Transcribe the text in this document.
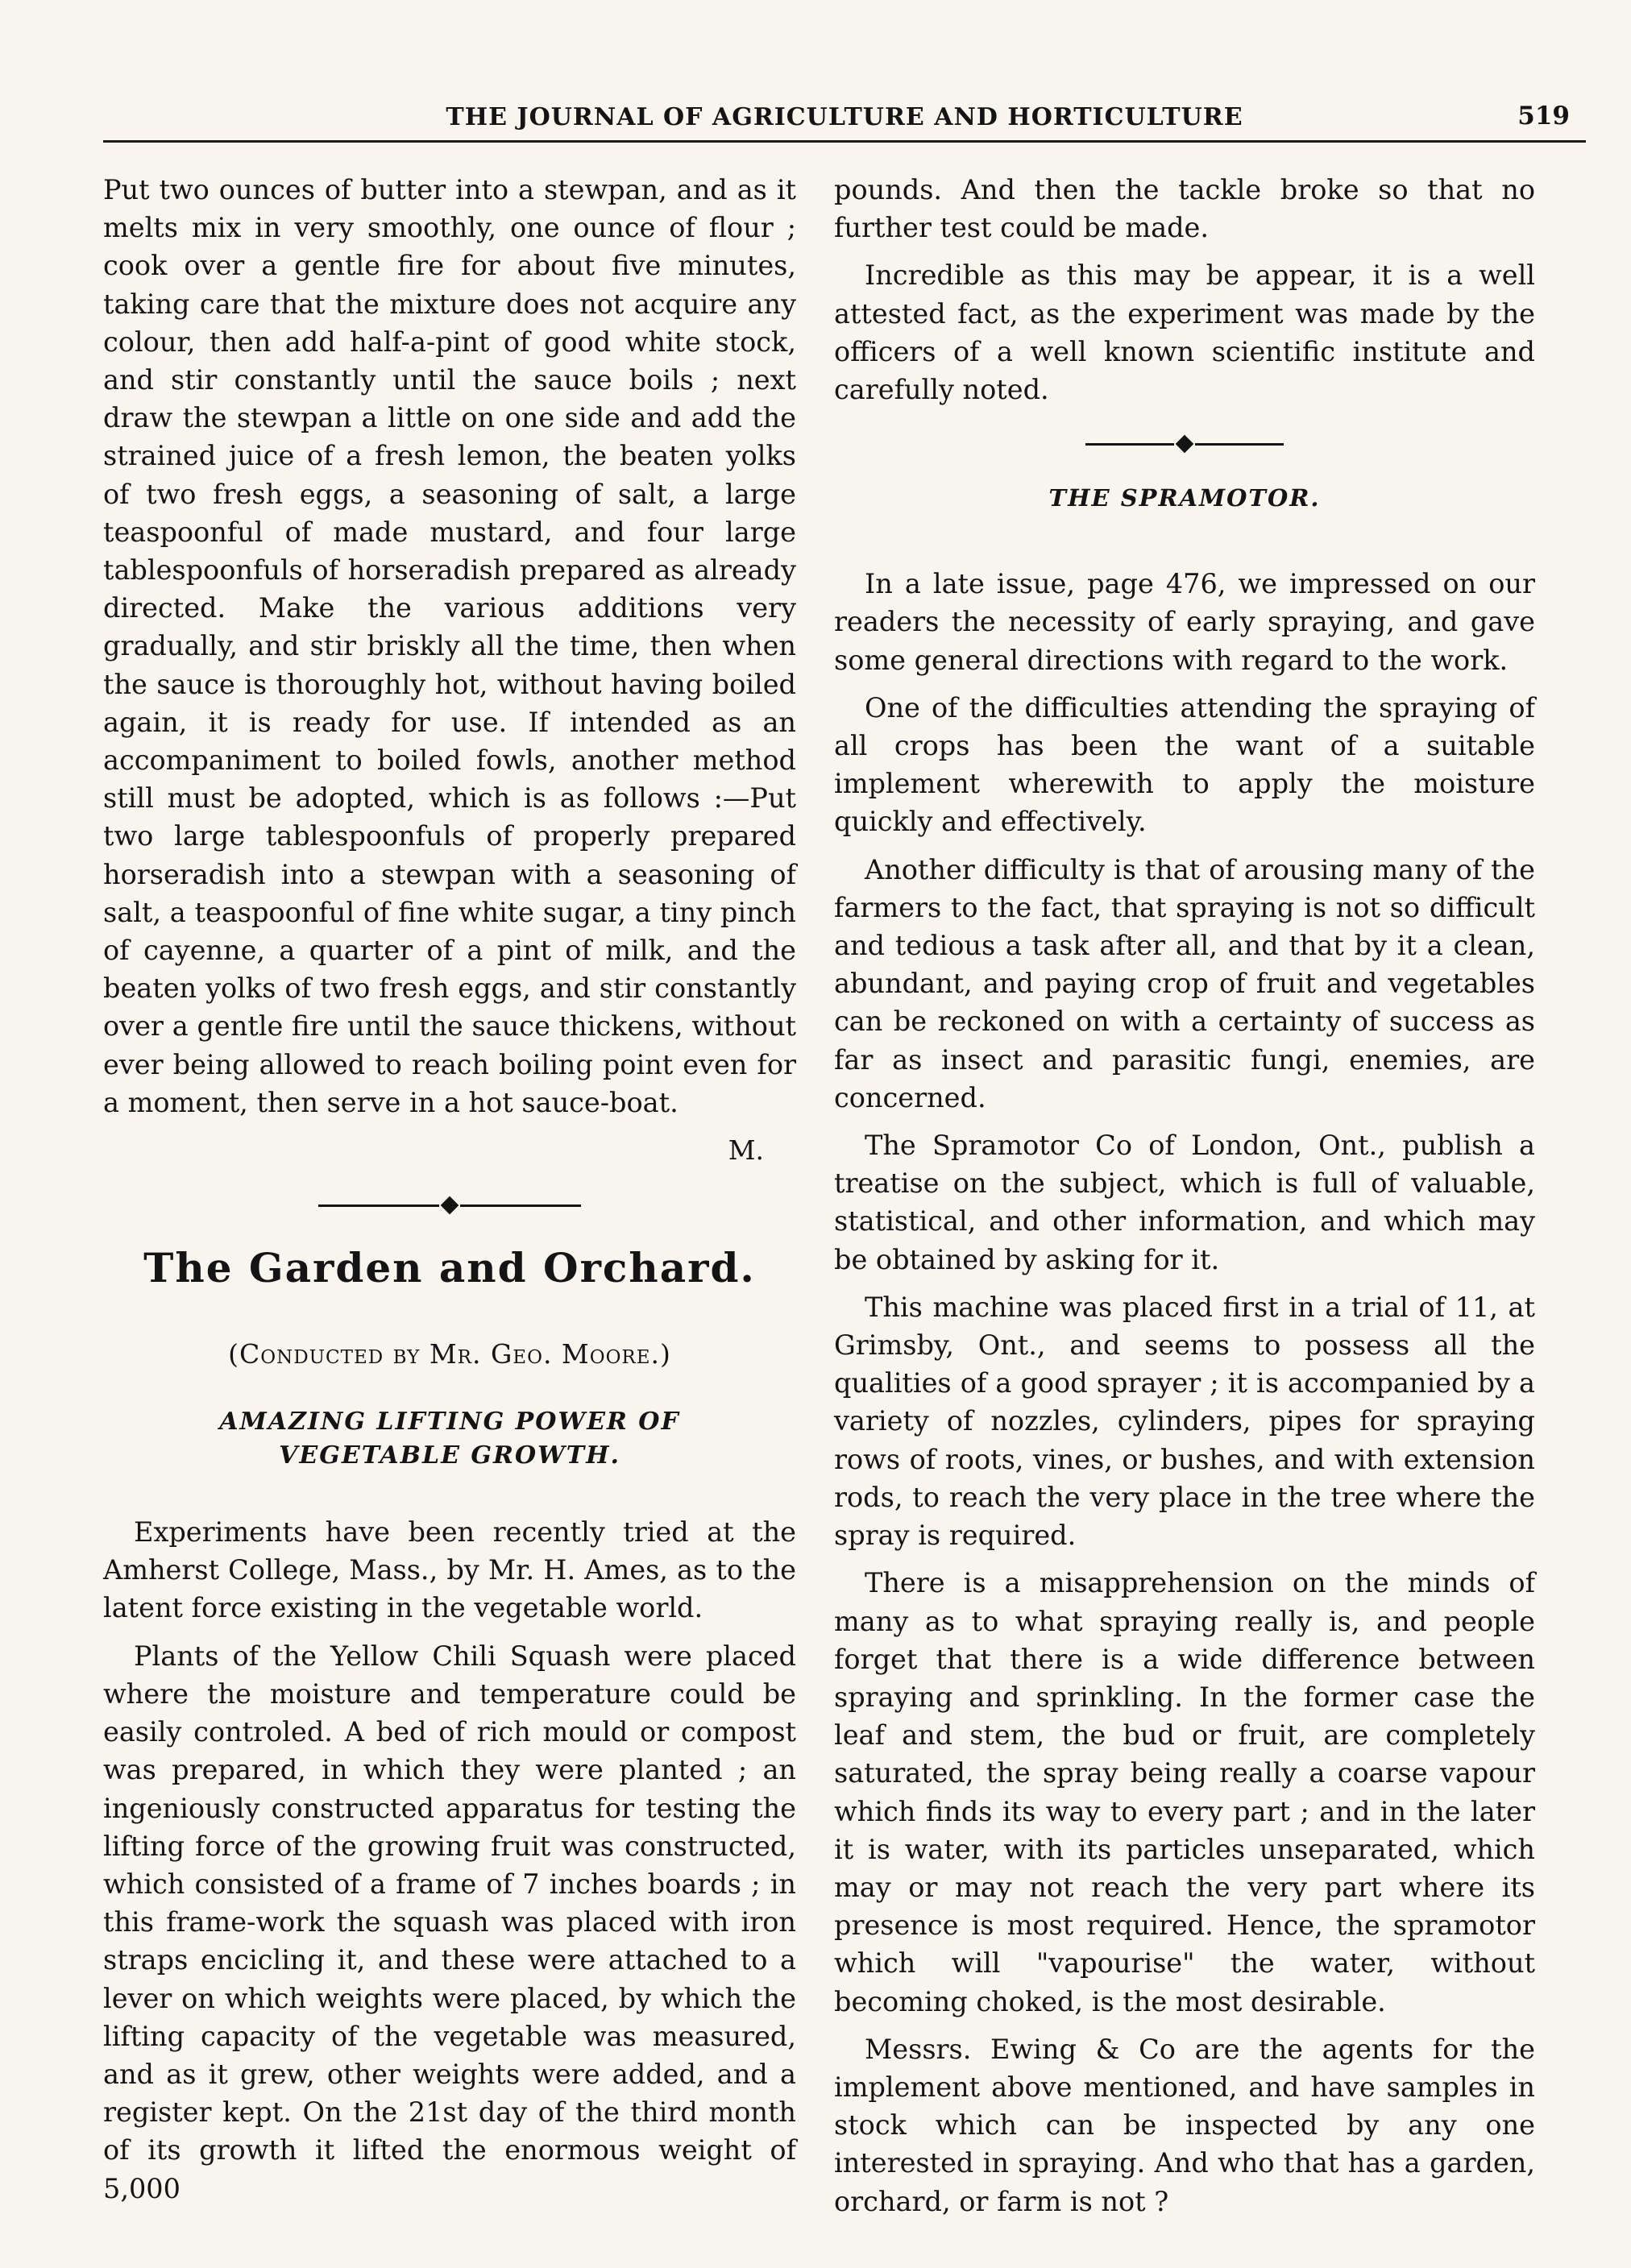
THE JOURNAL OF AGRICULTURE AND HORTICULTURE	519

Put two ounces of butter into a stewpan, and as it melts mix in very smoothly, one ounce of flour ; cook over a gentle fire for about five minutes, taking care that the mixture does not acquire any colour, then add half-a-pint of good white stock, and stir constantly until the sauce boils ; next draw the stewpan a little on one side and add the strained juice of a fresh lemon, the beaten yolks of two fresh eggs, a seasoning of salt, a large teaspoonful of made mustard, and four large tablespoonfuls of horseradish prepared as already directed. Make the various additions very gradually, and stir briskly all the time, then when the sauce is thoroughly hot, without having boiled again, it is ready for use. If intended as an accompaniment to boiled fowls, another method still must be adopted, which is as follows :—Put two large tablespoonfuls of properly prepared horseradish into a stewpan with a seasoning of salt, a teaspoonful of fine white sugar, a tiny pinch of cayenne, a quarter of a pint of milk, and the beaten yolks of two fresh eggs, and stir constantly over a gentle fire until the sauce thickens, without ever being allowed to reach boiling point even for a moment, then serve in a hot sauce-boat.

M.
The Garden and Orchard.
(Conducted by Mr. Geo. Moore.)
AMAZING LIFTING POWER OF
VEGETABLE GROWTH.

Experiments have been recently tried at the Amherst College, Mass., by Mr. H. Ames, as to the latent force existing in the vegetable world.

Plants of the Yellow Chili Squash were placed where the moisture and temperature could be easily controled. A bed of rich mould or compost was prepared, in which they were planted ; an ingeniously constructed apparatus for testing the lifting force of the growing fruit was constructed, which consisted of a frame of 7 inches boards ; in this frame-work the squash was placed with iron straps encicling it, and these were attached to a lever on which weights were placed, by which the lifting capacity of the vegetable was measured, and as it grew, other weights were added, and a register kept. On the 21st day of the third month of its growth it lifted the enormous weight of 5,000

pounds. And then the tackle broke so that no further test could be made.

Incredible as this may be appear, it is a well attested fact, as the experiment was made by the officers of a well known scientific institute and carefully noted.

THE SPRAMOTOR.

In a late issue, page 476, we impressed on our readers the necessity of early spraying, and gave some general directions with regard to the work.

One of the difficulties attending the spraying of all crops has been the want of a suitable implement wherewith to apply the moisture quickly and effectively.

Another difficulty is that of arousing many of the farmers to the fact, that spraying is not so difficult and tedious a task after all, and that by it a clean, abundant, and paying crop of fruit and vegetables can be reckoned on with a certainty of success as far as insect and parasitic fungi, enemies, are concerned.

The Spramotor Co of London, Ont., publish a treatise on the subject, which is full of valuable, statistical, and other information, and which may be obtained by asking for it.

This machine was placed first in a trial of 11, at Grimsby, Ont., and seems to possess all the qualities of a good sprayer ; it is accompanied by a variety of nozzles, cylinders, pipes for spraying rows of roots, vines, or bushes, and with extension rods, to reach the very place in the tree where the spray is required.

There is a misapprehension on the minds of many as to what spraying really is, and people forget that there is a wide difference between spraying and sprinkling. In the former case the leaf and stem, the bud or fruit, are completely saturated, the spray being really a coarse vapour which finds its way to every part ; and in the later it is water, with its particles unseparated, which may or may not reach the very part where its presence is most required. Hence, the spramotor which will "vapourise" the water, without becoming choked, is the most desirable.

Messrs. Ewing & Co are the agents for the implement above mentioned, and have samples in stock which can be inspected by any one interested in spraying. And who that has a garden, orchard, or farm is not ?
